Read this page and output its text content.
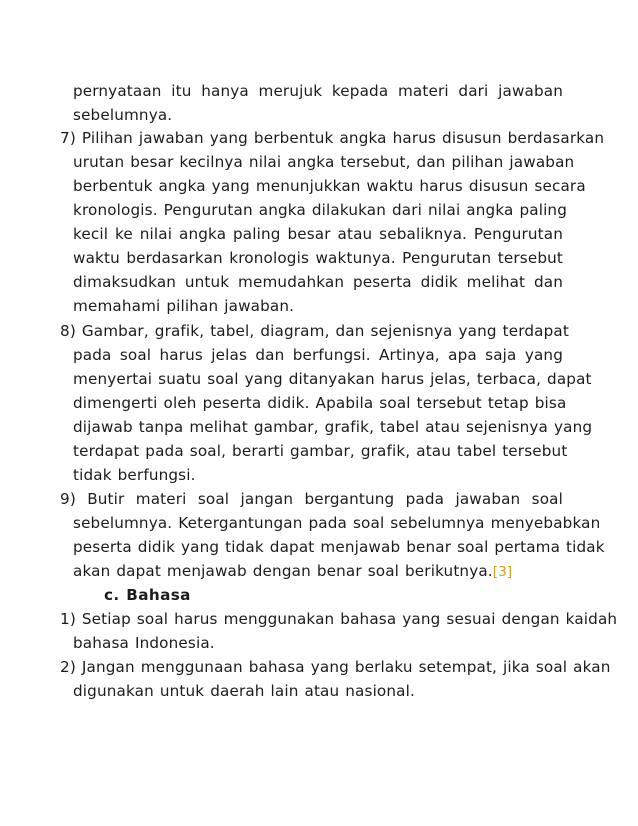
pernyataan itu hanya merujuk kepada materi dari jawaban
sebelumnya.
7) Pilihan jawaban yang berbentuk angka harus disusun berdasarkan
urutan besar kecilnya nilai angka tersebut, dan pilihan jawaban
berbentuk angka yang menunjukkan waktu harus disusun secara
kronologis. Pengurutan angka dilakukan dari nilai angka paling
kecil ke nilai angka paling besar atau sebaliknya. Pengurutan
waktu berdasarkan kronologis waktunya. Pengurutan tersebut
dimaksudkan untuk memudahkan peserta didik melihat dan
memahami pilihan jawaban.
8) Gambar, grafik, tabel, diagram, dan sejenisnya yang terdapat
pada soal harus jelas dan berfungsi. Artinya, apa saja yang
menyertai suatu soal yang ditanyakan harus jelas, terbaca, dapat
dimengerti oleh peserta didik. Apabila soal tersebut tetap bisa
dijawab tanpa melihat gambar, grafik, tabel atau sejenisnya yang
terdapat pada soal, berarti gambar, grafik, atau tabel tersebut
tidak berfungsi.
9) Butir materi soal jangan bergantung pada jawaban soal
sebelumnya. Ketergantungan pada soal sebelumnya menyebabkan
peserta didik yang tidak dapat menjawab benar soal pertama tidak
akan dapat menjawab dengan benar soal berikutnya.[3]
c. Bahasa
1) Setiap soal harus menggunakan bahasa yang sesuai dengan kaidah
bahasa Indonesia.
2) Jangan menggunaan bahasa yang berlaku setempat, jika soal akan
digunakan untuk daerah lain atau nasional.
